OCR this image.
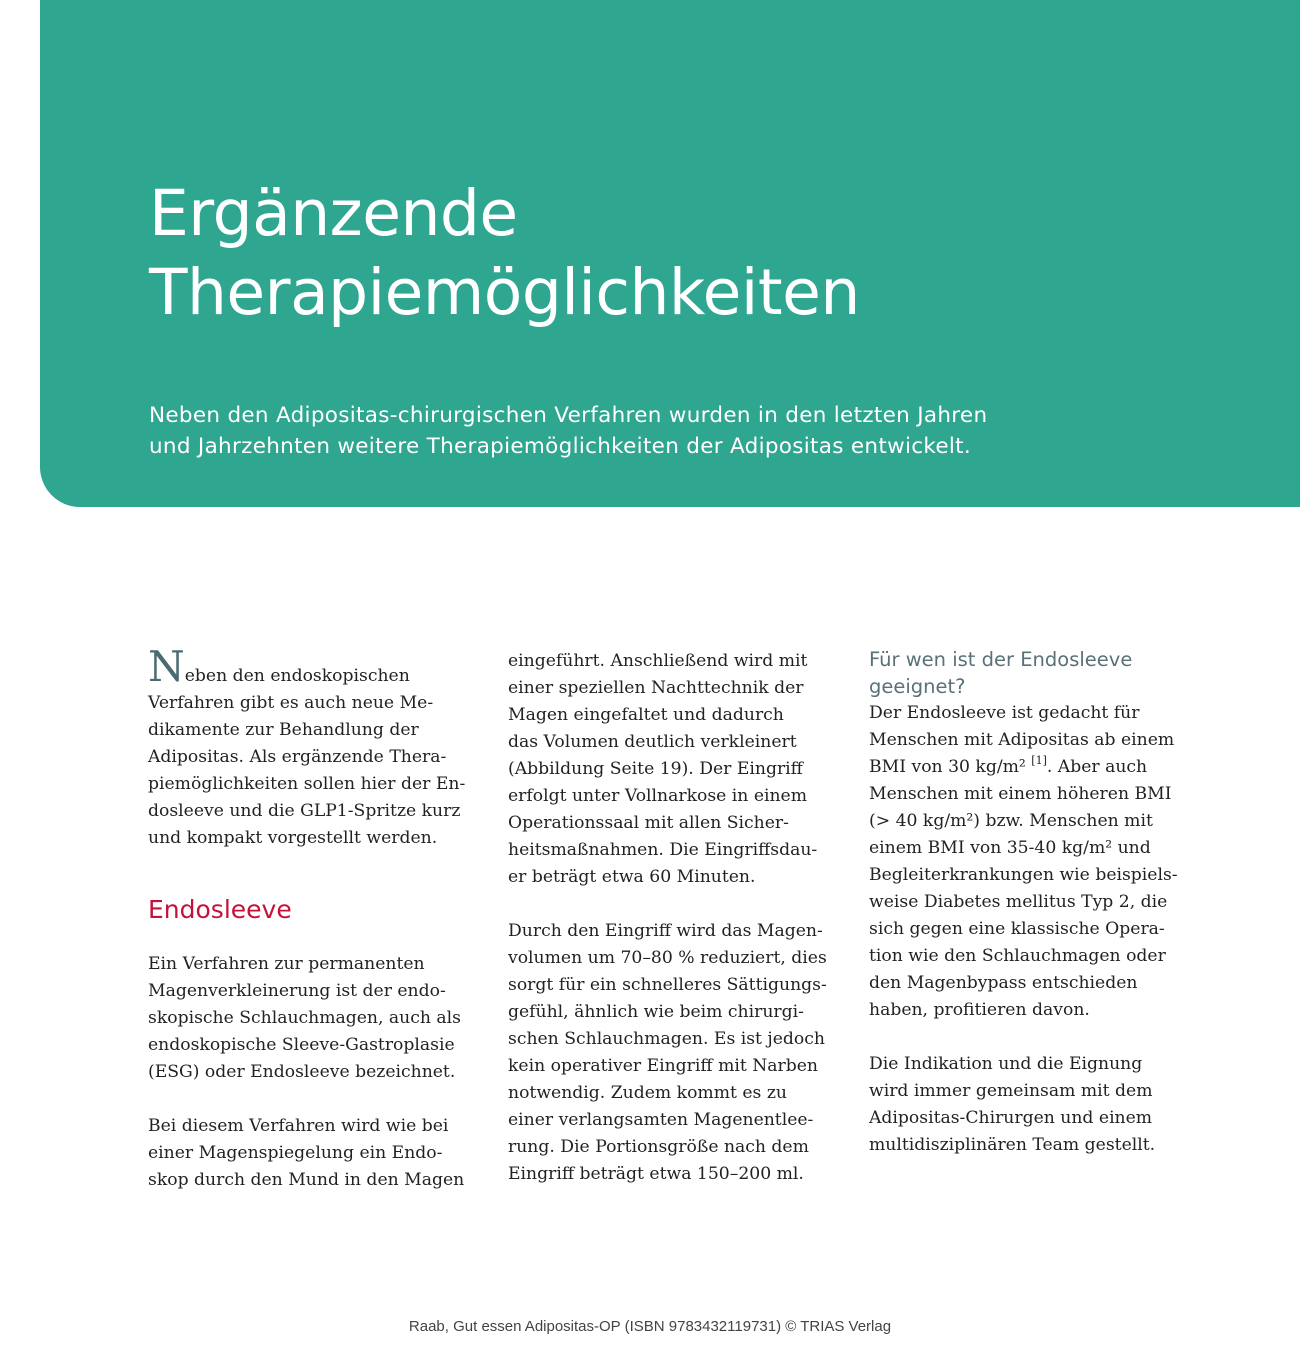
Ergänzende
Therapiemöglichkeiten

Neben den Adipositas-chirurgischen Verfahren wurden in den letzten Jahren
und Jahrzehnten weitere Therapiemöglichkeiten der Adipositas entwickelt.

Neben den endoskopischen
Verfahren gibt es auch neue Me-
dikamente zur Behandlung der
Adipositas. Als ergänzende Thera-
piemöglichkeiten sollen hier der En-
dosleeve und die GLP1-Spritze kurz
und kompakt vorgestellt werden.

Endosleeve

Ein Verfahren zur permanenten
Magenverkleinerung ist der endo-
skopische Schlauchmagen, auch als
endoskopische Sleeve-Gastroplasie
(ESG) oder Endosleeve bezeichnet.

Bei diesem Verfahren wird wie bei
einer Magenspiegelung ein Endo-
skop durch den Mund in den Magen

eingeführt. Anschließend wird mit
einer speziellen Nachttechnik der
Magen eingefaltet und dadurch
das Volumen deutlich verkleinert
(Abbildung Seite 19). Der Eingriff
erfolgt unter Vollnarkose in einem
Operationssaal mit allen Sicher-
heitsmaßnahmen. Die Eingriffsdau-
er beträgt etwa 60 Minuten.

Durch den Eingriff wird das Magen-
volumen um 70–80 % reduziert, dies
sorgt für ein schnelleres Sättigungs-
gefühl, ähnlich wie beim chirurgi-
schen Schlauchmagen. Es ist jedoch
kein operativer Eingriff mit Narben
notwendig. Zudem kommt es zu
einer verlangsamten Magenentlee-
rung. Die Portionsgröße nach dem
Eingriff beträgt etwa 150–200 ml.

Für wen ist der Endosleeve
geeignet?

Der Endosleeve ist gedacht für
Menschen mit Adipositas ab einem
BMI von 30 kg/m² [1]. Aber auch
Menschen mit einem höheren BMI
(> 40 kg/m²) bzw. Menschen mit
einem BMI von 35-40 kg/m² und
Begleiterkrankungen wie beispiels-
weise Diabetes mellitus Typ 2, die
sich gegen eine klassische Opera-
tion wie den Schlauchmagen oder
den Magenbypass entschieden
haben, profitieren davon.

Die Indikation und die Eignung
wird immer gemeinsam mit dem
Adipositas-Chirurgen und einem
multidisziplinären Team gestellt.

Raab, Gut essen Adipositas-OP (ISBN 9783432119731) © TRIAS Verlag
